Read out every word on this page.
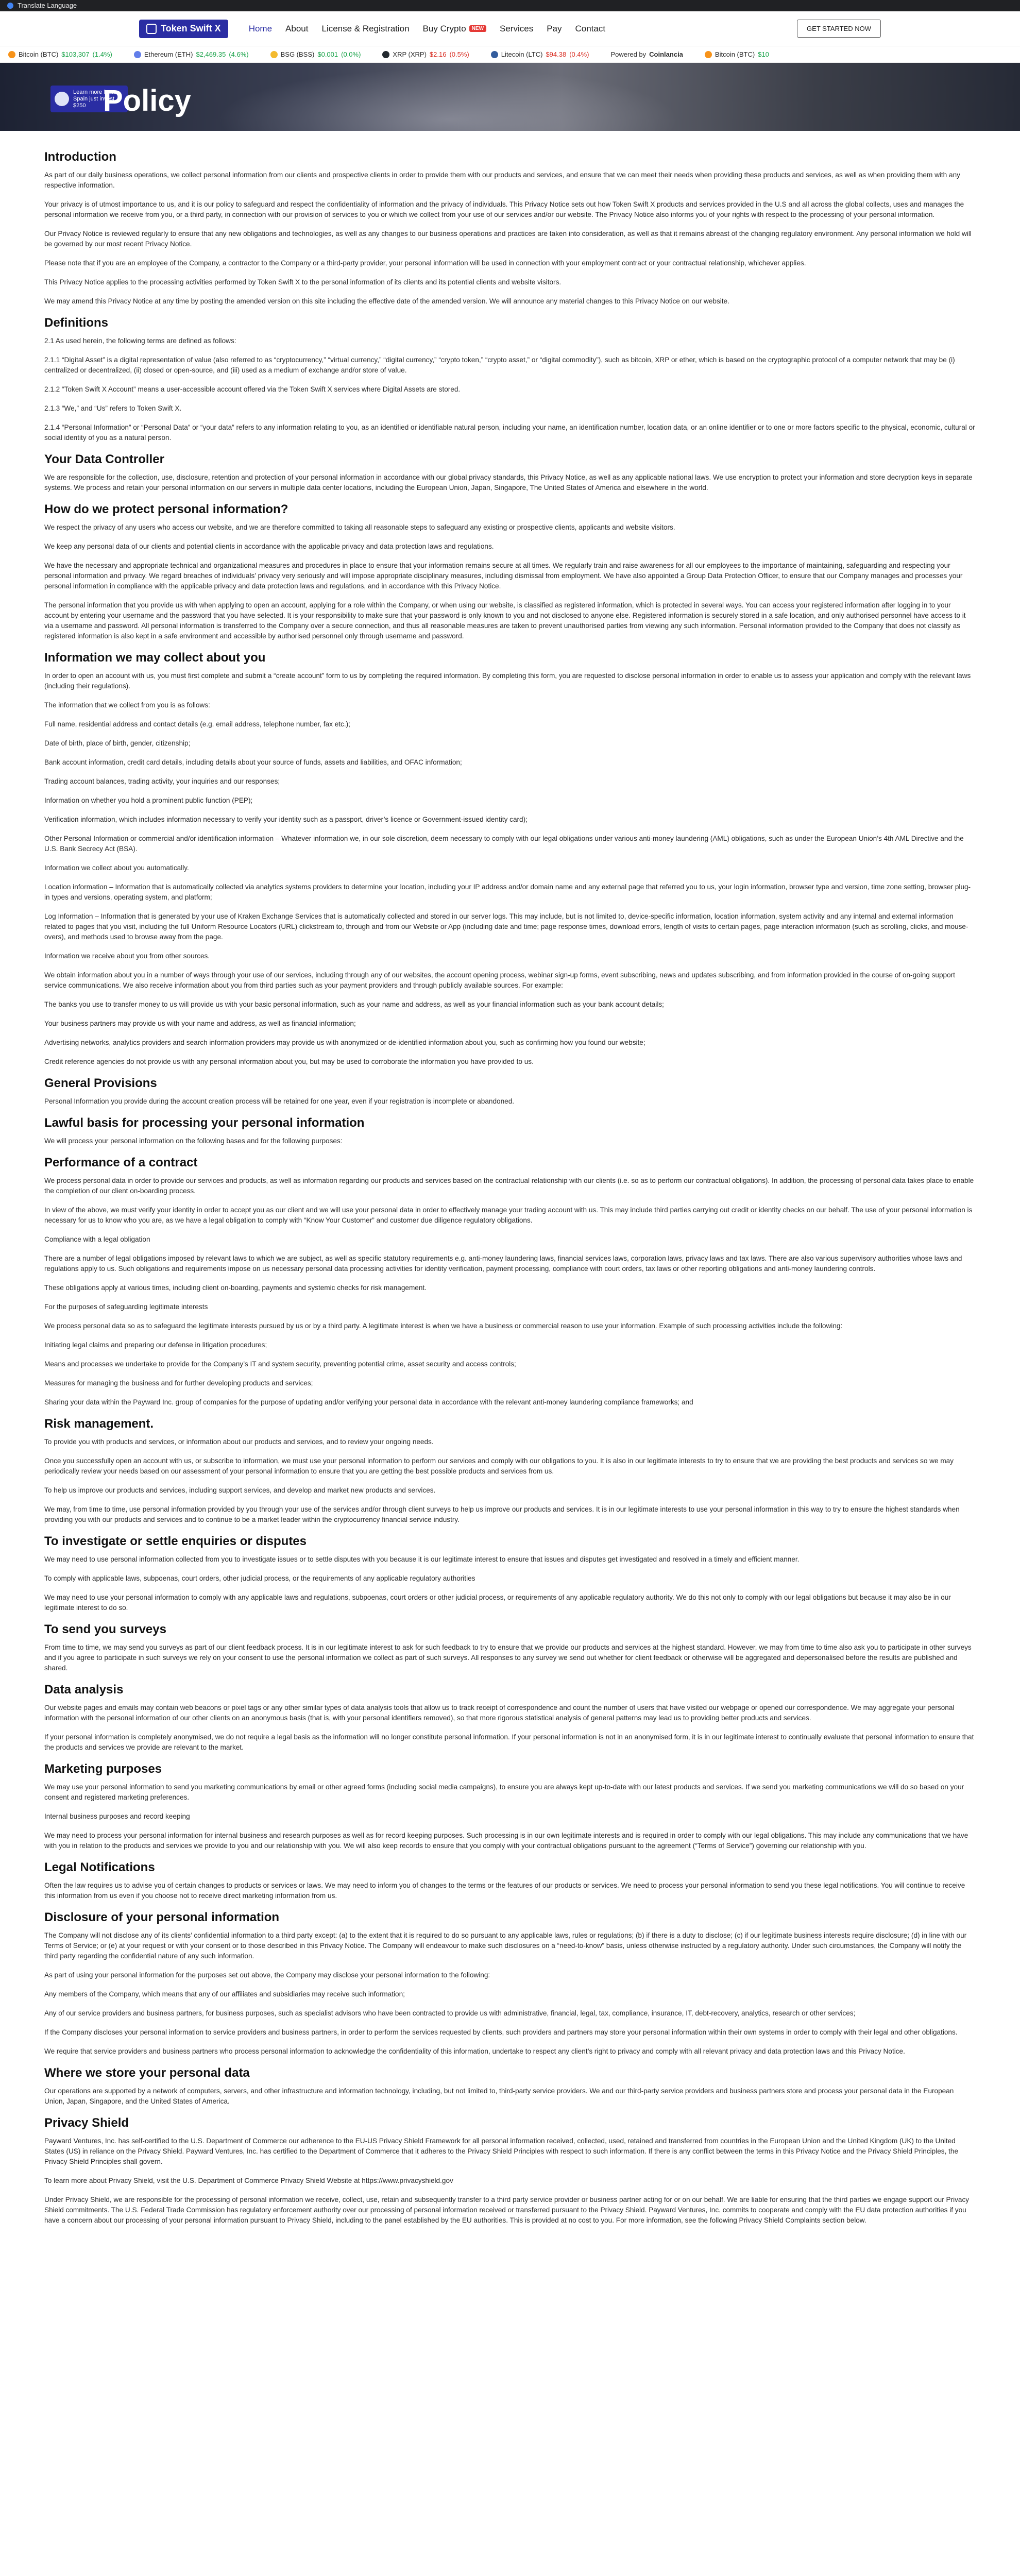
Translate Language
Token Swift X	Home About License & Registration Buy Crypto	NEW Services Pay Contact	GET STARTED NOW
Bitcoin (BTC) $103,307 (1.4%)	Ethereum (ETH) $2,469.35 (4.6%)	BSG (BSS) $0.001 (0.0%)	XRP (XRP) $2.16 (0.5%)	Litecoin (LTC) $94.38 (0.4%)	Powered by Coinlancia	Bitcoin (BTC) $10
Learn more from Spain just invest $250 Policy
Introduction

As part of our daily business operations, we collect personal information from our clients and prospective clients in order to provide them with our products and services, and ensure that we can meet their needs when providing these products and services, as well as when providing them with any respective information.

Your privacy is of utmost importance to us, and it is our policy to safeguard and respect the confidentiality of information and the privacy of individuals. This Privacy Notice sets out how Token Swift X products and services provided in the U.S and all across the global collects, uses and manages the personal information we receive from you, or a third party, in connection with our provision of services to you or which we collect from your use of our services and/or our website. The Privacy Notice also informs you of your rights with respect to the processing of your personal information.

Our Privacy Notice is reviewed regularly to ensure that any new obligations and technologies, as well as any changes to our business operations and practices are taken into consideration, as well as that it remains abreast of the changing regulatory environment. Any personal information we hold will be governed by our most recent Privacy Notice.

Please note that if you are an employee of the Company, a contractor to the Company or a third-party provider, your personal information will be used in connection with your employment contract or your contractual relationship, whichever applies.

This Privacy Notice applies to the processing activities performed by Token Swift X to the personal information of its clients and its potential clients and website visitors.

We may amend this Privacy Notice at any time by posting the amended version on this site including the effective date of the amended version. We will announce any material changes to this Privacy Notice on our website.

Definitions

2.1 As used herein, the following terms are defined as follows:

2.1.1 “Digital Asset” is a digital representation of value (also referred to as “cryptocurrency,” “virtual currency,” “digital currency,” “crypto token,” “crypto asset,” or “digital commodity”), such as bitcoin, XRP or ether, which is based on the cryptographic protocol of a computer network that may be (i) centralized or decentralized, (ii) closed or open-source, and (iii) used as a medium of exchange and/or store of value.

2.1.2 “Token Swift X Account” means a user-accessible account offered via the Token Swift X services where Digital Assets are stored.

2.1.3 “We,” and “Us” refers to Token Swift X.

2.1.4 “Personal Information” or “Personal Data” or “your data” refers to any information relating to you, as an identified or identifiable natural person, including your name, an identification number, location data, or an online identifier or to one or more factors specific to the physical, economic, cultural or social identity of you as a natural person.

Your Data Controller

We are responsible for the collection, use, disclosure, retention and protection of your personal information in accordance with our global privacy standards, this Privacy Notice, as well as any applicable national laws. We use encryption to protect your information and store decryption keys in separate systems. We process and retain your personal information on our servers in multiple data center locations, including the European Union, Japan, Singapore, The United States of America and elsewhere in the world.

How do we protect personal information?

We respect the privacy of any users who access our website, and we are therefore committed to taking all reasonable steps to safeguard any existing or prospective clients, applicants and website visitors.

We keep any personal data of our clients and potential clients in accordance with the applicable privacy and data protection laws and regulations.

We have the necessary and appropriate technical and organizational measures and procedures in place to ensure that your information remains secure at all times. We regularly train and raise awareness for all our employees to the importance of maintaining, safeguarding and respecting your personal information and privacy. We regard breaches of individuals’ privacy very seriously and will impose appropriate disciplinary measures, including dismissal from employment. We have also appointed a Group Data Protection Officer, to ensure that our Company manages and processes your personal information in compliance with the applicable privacy and data protection laws and regulations, and in accordance with this Privacy Notice.

The personal information that you provide us with when applying to open an account, applying for a role within the Company, or when using our website, is classified as registered information, which is protected in several ways. You can access your registered information after logging in to your account by entering your username and the password that you have selected. It is your responsibility to make sure that your password is only known to you and not disclosed to anyone else. Registered information is securely stored in a safe location, and only authorised personnel have access to it via a username and password. All personal information is transferred to the Company over a secure connection, and thus all reasonable measures are taken to prevent unauthorised parties from viewing any such information. Personal information provided to the Company that does not classify as registered information is also kept in a safe environment and accessible by authorised personnel only through username and password.

Information we may collect about you

In order to open an account with us, you must first complete and submit a “create account” form to us by completing the required information. By completing this form, you are requested to disclose personal information in order to enable us to assess your application and comply with the relevant laws (including their regulations).

The information that we collect from you is as follows:

Full name, residential address and contact details (e.g. email address, telephone number, fax etc.);

Date of birth, place of birth, gender, citizenship;

Bank account information, credit card details, including details about your source of funds, assets and liabilities, and OFAC information;

Trading account balances, trading activity, your inquiries and our responses;

Information on whether you hold a prominent public function (PEP);

Verification information, which includes information necessary to verify your identity such as a passport, driver’s licence or Government-issued identity card);

Other Personal Information or commercial and/or identification information – Whatever information we, in our sole discretion, deem necessary to comply with our legal obligations under various anti-money laundering (AML) obligations, such as under the European Union’s 4th AML Directive and the U.S. Bank Secrecy Act (BSA).

Information we collect about you automatically.

Location information – Information that is automatically collected via analytics systems providers to determine your location, including your IP address and/or domain name and any external page that referred you to us, your login information, browser type and version, time zone setting, browser plug-in types and versions, operating system, and platform;

Log Information – Information that is generated by your use of Kraken Exchange Services that is automatically collected and stored in our server logs. This may include, but is not limited to, device-specific information, location information, system activity and any internal and external information related to pages that you visit, including the full Uniform Resource Locators (URL) clickstream to, through and from our Website or App (including date and time; page response times, download errors, length of visits to certain pages, page interaction information (such as scrolling, clicks, and mouse-overs), and methods used to browse away from the page.

Information we receive about you from other sources.

We obtain information about you in a number of ways through your use of our services, including through any of our websites, the account opening process, webinar sign-up forms, event subscribing, news and updates subscribing, and from information provided in the course of on-going support service communications. We also receive information about you from third parties such as your payment providers and through publicly available sources. For example:

The banks you use to transfer money to us will provide us with your basic personal information, such as your name and address, as well as your financial information such as your bank account details;

Your business partners may provide us with your name and address, as well as financial information;

Advertising networks, analytics providers and search information providers may provide us with anonymized or de-identified information about you, such as confirming how you found our website;

Credit reference agencies do not provide us with any personal information about you, but may be used to corroborate the information you have provided to us.

General Provisions

Personal Information you provide during the account creation process will be retained for one year, even if your registration is incomplete or abandoned.

Lawful basis for processing your personal information

We will process your personal information on the following bases and for the following purposes:

Performance of a contract

We process personal data in order to provide our services and products, as well as information regarding our products and services based on the contractual relationship with our clients (i.e. so as to perform our contractual obligations). In addition, the processing of personal data takes place to enable the completion of our client on-boarding process.

In view of the above, we must verify your identity in order to accept you as our client and we will use your personal data in order to effectively manage your trading account with us. This may include third parties carrying out credit or identity checks on our behalf. The use of your personal information is necessary for us to know who you are, as we have a legal obligation to comply with “Know Your Customer” and customer due diligence regulatory obligations.

Compliance with a legal obligation

There are a number of legal obligations imposed by relevant laws to which we are subject, as well as specific statutory requirements e.g. anti-money laundering laws, financial services laws, corporation laws, privacy laws and tax laws. There are also various supervisory authorities whose laws and regulations apply to us. Such obligations and requirements impose on us necessary personal data processing activities for identity verification, payment processing, compliance with court orders, tax laws or other reporting obligations and anti-money laundering controls.

These obligations apply at various times, including client on-boarding, payments and systemic checks for risk management.

For the purposes of safeguarding legitimate interests

We process personal data so as to safeguard the legitimate interests pursued by us or by a third party. A legitimate interest is when we have a business or commercial reason to use your information. Example of such processing activities include the following:

Initiating legal claims and preparing our defense in litigation procedures;

Means and processes we undertake to provide for the Company’s IT and system security, preventing potential crime, asset security and access controls;

Measures for managing the business and for further developing products and services;

Sharing your data within the Payward Inc. group of companies for the purpose of updating and/or verifying your personal data in accordance with the relevant anti-money laundering compliance frameworks; and

Risk management.

To provide you with products and services, or information about our products and services, and to review your ongoing needs.

Once you successfully open an account with us, or subscribe to information, we must use your personal information to perform our services and comply with our obligations to you. It is also in our legitimate interests to try to ensure that we are providing the best products and services so we may periodically review your needs based on our assessment of your personal information to ensure that you are getting the best possible products and services from us.

To help us improve our products and services, including support services, and develop and market new products and services.

We may, from time to time, use personal information provided by you through your use of the services and/or through client surveys to help us improve our products and services. It is in our legitimate interests to use your personal information in this way to try to ensure the highest standards when providing you with our products and services and to continue to be a market leader within the cryptocurrency financial service industry.

To investigate or settle enquiries or disputes

We may need to use personal information collected from you to investigate issues or to settle disputes with you because it is our legitimate interest to ensure that issues and disputes get investigated and resolved in a timely and efficient manner.

To comply with applicable laws, subpoenas, court orders, other judicial process, or the requirements of any applicable regulatory authorities

We may need to use your personal information to comply with any applicable laws and regulations, subpoenas, court orders or other judicial process, or requirements of any applicable regulatory authority. We do this not only to comply with our legal obligations but because it may also be in our legitimate interest to do so.

To send you surveys

From time to time, we may send you surveys as part of our client feedback process. It is in our legitimate interest to ask for such feedback to try to ensure that we provide our products and services at the highest standard. However, we may from time to time also ask you to participate in other surveys and if you agree to participate in such surveys we rely on your consent to use the personal information we collect as part of such surveys. All responses to any survey we send out whether for client feedback or otherwise will be aggregated and depersonalised before the results are published and shared.

Data analysis

Our website pages and emails may contain web beacons or pixel tags or any other similar types of data analysis tools that allow us to track receipt of correspondence and count the number of users that have visited our webpage or opened our correspondence. We may aggregate your personal information with the personal information of our other clients on an anonymous basis (that is, with your personal identifiers removed), so that more rigorous statistical analysis of general patterns may lead us to providing better products and services.

If your personal information is completely anonymised, we do not require a legal basis as the information will no longer constitute personal information. If your personal information is not in an anonymised form, it is in our legitimate interest to continually evaluate that personal information to ensure that the products and services we provide are relevant to the market.

Marketing purposes

We may use your personal information to send you marketing communications by email or other agreed forms (including social media campaigns), to ensure you are always kept up-to-date with our latest products and services. If we send you marketing communications we will do so based on your consent and registered marketing preferences.

Internal business purposes and record keeping

We may need to process your personal information for internal business and research purposes as well as for record keeping purposes. Such processing is in our own legitimate interests and is required in order to comply with our legal obligations. This may include any communications that we have with you in relation to the products and services we provide to you and our relationship with you. We will also keep records to ensure that you comply with your contractual obligations pursuant to the agreement (“Terms of Service”) governing our relationship with you.

Legal Notifications

Often the law requires us to advise you of certain changes to products or services or laws. We may need to inform you of changes to the terms or the features of our products or services. We need to process your personal information to send you these legal notifications. You will continue to receive this information from us even if you choose not to receive direct marketing information from us.

Disclosure of your personal information

The Company will not disclose any of its clients’ confidential information to a third party except: (a) to the extent that it is required to do so pursuant to any applicable laws, rules or regulations; (b) if there is a duty to disclose; (c) if our legitimate business interests require disclosure; (d) in line with our Terms of Service; or (e) at your request or with your consent or to those described in this Privacy Notice. The Company will endeavour to make such disclosures on a “need-to-know” basis, unless otherwise instructed by a regulatory authority. Under such circumstances, the Company will notify the third party regarding the confidential nature of any such information.

As part of using your personal information for the purposes set out above, the Company may disclose your personal information to the following:

Any members of the Company, which means that any of our affiliates and subsidiaries may receive such information;

Any of our service providers and business partners, for business purposes, such as specialist advisors who have been contracted to provide us with administrative, financial, legal, tax, compliance, insurance, IT, debt-recovery, analytics, research or other services;

If the Company discloses your personal information to service providers and business partners, in order to perform the services requested by clients, such providers and partners may store your personal information within their own systems in order to comply with their legal and other obligations.

We require that service providers and business partners who process personal information to acknowledge the confidentiality of this information, undertake to respect any client’s right to privacy and comply with all relevant privacy and data protection laws and this Privacy Notice.

Where we store your personal data

Our operations are supported by a network of computers, servers, and other infrastructure and information technology, including, but not limited to, third-party service providers. We and our third-party service providers and business partners store and process your personal data in the European Union, Japan, Singapore, and the United States of America.

Privacy Shield

Payward Ventures, Inc. has self-certified to the U.S. Department of Commerce our adherence to the EU-US Privacy Shield Framework for all personal information received, collected, used, retained and transferred from countries in the European Union and the United Kingdom (UK) to the United States (US) in reliance on the Privacy Shield. Payward Ventures, Inc. has certified to the Department of Commerce that it adheres to the Privacy Shield Principles with respect to such information. If there is any conflict between the terms in this Privacy Notice and the Privacy Shield Principles, the Privacy Shield Principles shall govern.

To learn more about Privacy Shield, visit the U.S. Department of Commerce Privacy Shield Website at https://www.privacyshield.gov

Under Privacy Shield, we are responsible for the processing of personal information we receive, collect, use, retain and subsequently transfer to a third party service provider or business partner acting for or on our behalf. We are liable for ensuring that the third parties we engage support our Privacy Shield commitments. The U.S. Federal Trade Commission has regulatory enforcement authority over our processing of personal information received or transferred pursuant to the Privacy Shield. Payward Ventures, Inc. commits to cooperate and comply with the EU data protection authorities if you have a concern about our processing of your personal information pursuant to Privacy Shield, including to the panel established by the EU authorities. This is provided at no cost to you. For more information, see the following Privacy Shield Complaints section below.
